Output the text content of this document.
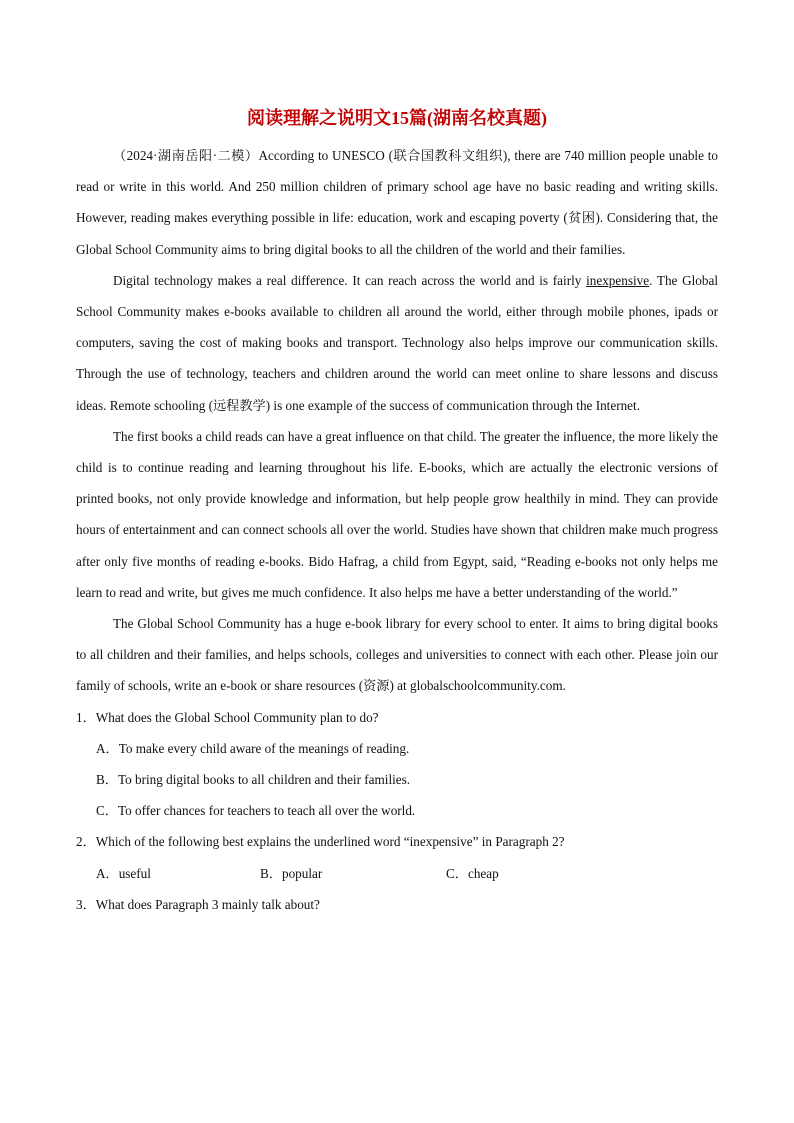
阅读理解之说明文15篇(湖南名校真题)

（2024·湖南岳阳·二模）According to UNESCO (联合国教科文组织), there are 740 million people unable to read or write in this world. And 250 million children of primary school age have no basic reading and writing skills. However, reading makes everything possible in life: education, work and escaping poverty (贫困). Considering that, the Global School Community aims to bring digital books to all the children of the world and their families.

Digital technology makes a real difference. It can reach across the world and is fairly inexpensive. The Global School Community makes e-books available to children all around the world, either through mobile phones, ipads or computers, saving the cost of making books and transport. Technology also helps improve our communication skills. Through the use of technology, teachers and children around the world can meet online to share lessons and discuss ideas. Remote schooling (远程教学) is one example of the success of communication through the Internet.

The first books a child reads can have a great influence on that child. The greater the influence, the more likely the child is to continue reading and learning throughout his life. E-books, which are actually the electronic versions of printed books, not only provide knowledge and information, but help people grow healthily in mind. They can provide hours of entertainment and can connect schools all over the world. Studies have shown that children make much progress after only five months of reading e-books. Bido Hafrag, a child from Egypt, said, “Reading e-books not only helps me learn to read and write, but gives me much confidence. It also helps me have a better understanding of the world.”

The Global School Community has a huge e-book library for every school to enter. It aims to bring digital books to all children and their families, and helps schools, colleges and universities to connect with each other. Please join our family of schools, write an e-book or share resources (资源) at globalschoolcommunity.com.

1．What does the Global School Community plan to do?
A．To make every child aware of the meanings of reading.
B．To bring digital books to all children and their families.
C．To offer chances for teachers to teach all over the world.
2．Which of the following best explains the underlined word “inexpensive” in Paragraph 2?
A．useful	B．popular	C．cheap
3．What does Paragraph 3 mainly talk about?
